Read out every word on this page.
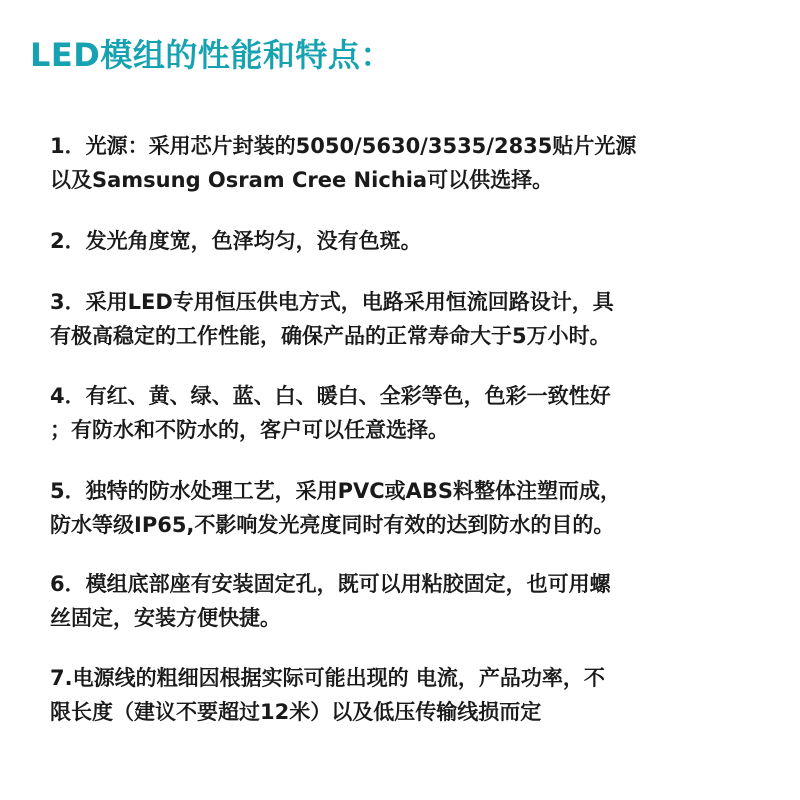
LED模组的性能和特点：
1．光源：采用芯片封装的5050/5630/3535/2835贴片光源
以及Samsung Osram Cree Nichia可以供选择。
2．发光角度宽，色泽均匀，没有色斑。
3．采用LED专用恒压供电方式，电路采用恒流回路设计，具
有极高稳定的工作性能，确保产品的正常寿命大于5万小时。
4．有红、黄、绿、蓝、白、暖白、全彩等色，色彩一致性好
；有防水和不防水的，客户可以任意选择。
5．独特的防水处理工艺，采用PVC或ABS料整体注塑而成，
防水等级IP65,不影响发光亮度同时有效的达到防水的目的。
6．模组底部座有安装固定孔，既可以用粘胶固定，也可用螺
丝固定，安装方便快捷。
7.电源线的粗细因根据实际可能出现的 电流，产品功率，不
限长度（建议不要超过12米）以及低压传输线损而定
